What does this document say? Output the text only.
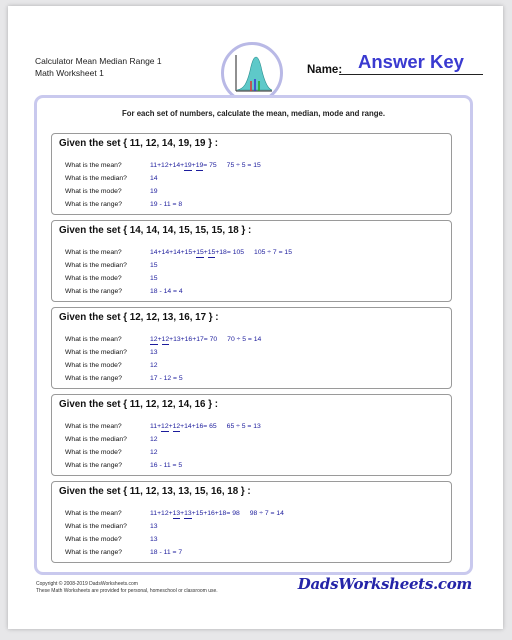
Calculator Mean Median Range 1
Math Worksheet 1	Name: Answer Key
For each set of numbers, calculate the mean, median, mode and range.
Given the set { 11, 12, 14, 19, 19 } :
What is the mean?	11+12+14+19+19= 75 75 ÷ 5 = 15
What is the median?	14
What is the mode?	19
What is the range?	19 - 11 = 8
Given the set { 14, 14, 14, 15, 15, 15, 18 } :
What is the mean?	14+14+14+15+15+15+18= 105 105 ÷ 7 = 15
What is the median?	15
What is the mode?	15
What is the range?	18 - 14 = 4
Given the set { 12, 12, 13, 16, 17 } :
What is the mean?	12+12+13+16+17= 70 70 ÷ 5 = 14
What is the median?	13
What is the mode?	12
What is the range?	17 - 12 = 5
Given the set { 11, 12, 12, 14, 16 } :
What is the mean?	11+12+12+14+16= 65 65 ÷ 5 = 13
What is the median?	12
What is the mode?	12
What is the range?	16 - 11 = 5
Given the set { 11, 12, 13, 13, 15, 16, 18 } :
What is the mean?	11+12+13+13+15+16+18= 98 98 ÷ 7 = 14
What is the median?	13
What is the mode?	13
What is the range?	18 - 11 = 7
Copyright © 2008-2019 DadsWorksheets.com
These Math Worksheets are provided for personal, homeschool or classroom use.	DadsWorksheets.com
